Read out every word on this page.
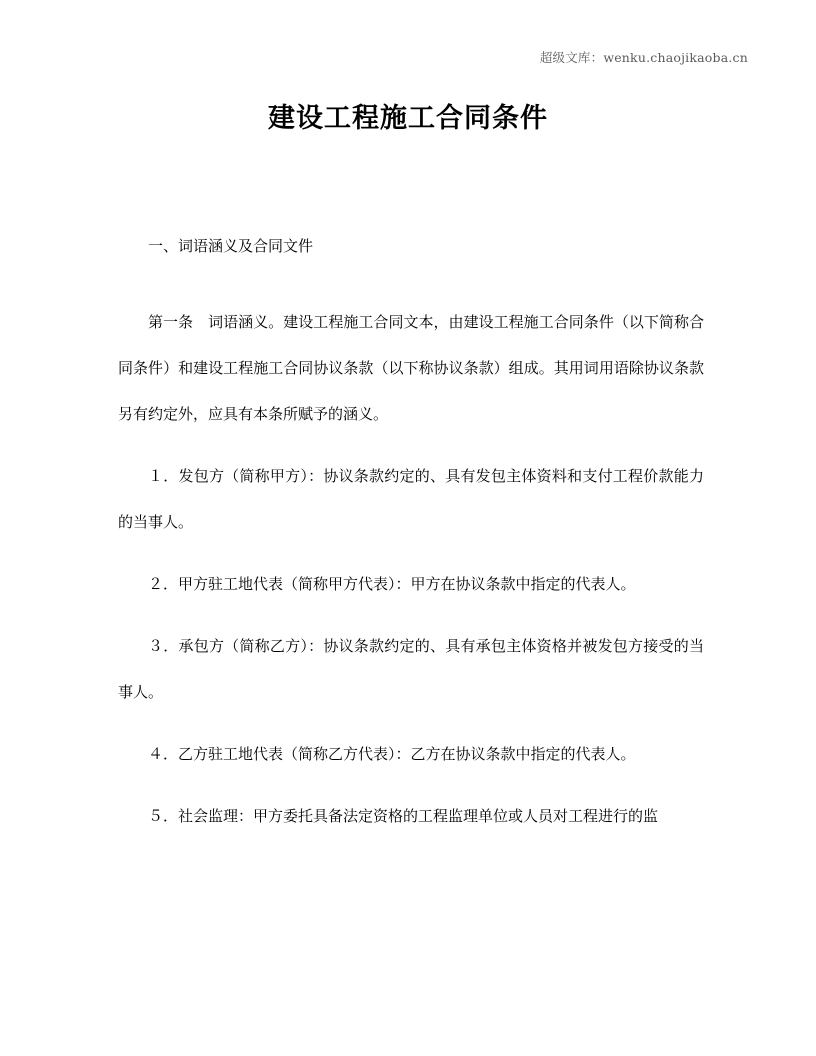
超级文库：wenku.chaojikaoba.cn
建设工程施工合同条件

一、词语涵义及合同文件

第一条　词语涵义。建设工程施工合同文本，由建设工程施工合同条件（以下简称合同条件）和建设工程施工合同协议条款（以下称协议条款）组成。其用词用语除协议条款另有约定外，应具有本条所赋予的涵义。

１．发包方（简称甲方）：协议条款约定的、具有发包主体资料和支付工程价款能力的当事人。

２．甲方驻工地代表（简称甲方代表）：甲方在协议条款中指定的代表人。

３．承包方（简称乙方）：协议条款约定的、具有承包主体资格并被发包方接受的当事人。

４．乙方驻工地代表（简称乙方代表）：乙方在协议条款中指定的代表人。

５．社会监理：甲方委托具备法定资格的工程监理单位或人员对工程进行的监
